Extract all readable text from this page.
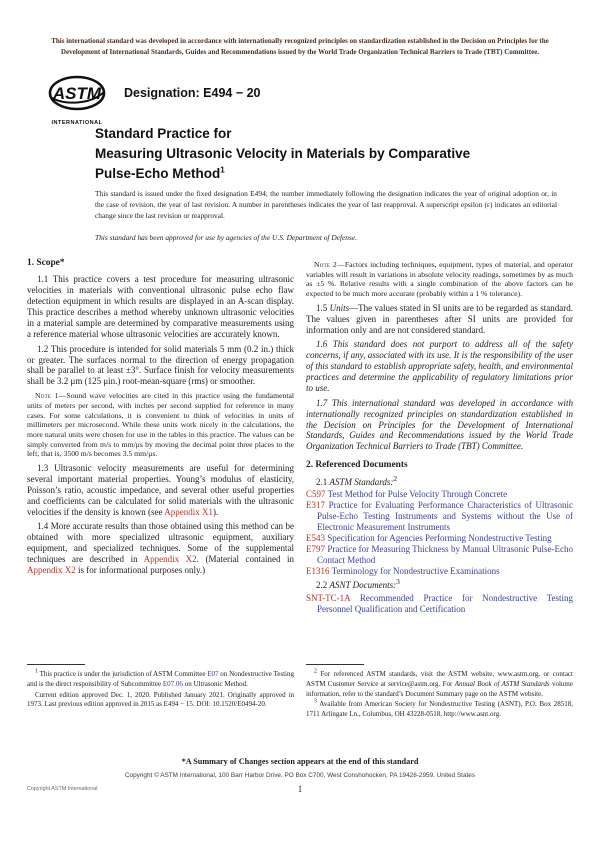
This international standard was developed in accordance with internationally recognized principles on standardization established in the Decision on Principles for the Development of International Standards, Guides and Recommendations issued by the World Trade Organization Technical Barriers to Trade (TBT) Committee.
ASTM
INTERNATIONAL
Designation: E494 − 20
Standard Practice for
Measuring Ultrasonic Velocity in Materials by Comparative
Pulse-Echo Method$^1$
This standard is issued under the fixed designation E494; the number immediately following the designation indicates the year of original adoption or, in the case of revision, the year of last revision. A number in parentheses indicates the year of last reapproval. A superscript epsilon (ε) indicates an editorial change since the last revision or reapproval.
This standard has been approved for use by agencies of the U.S. Department of Defense.
1. Scope*

1.1 This practice covers a test procedure for measuring ultrasonic velocities in materials with conventional ultrasonic pulse echo flaw detection equipment in which results are displayed in an A-scan display. This practice describes a method whereby unknown ultrasonic velocities in a material sample are determined by comparative measurements using a reference material whose ultrasonic velocities are accurately known.

1.2 This procedure is intended for solid materials 5 mm (0.2 in.) thick or greater. The surfaces normal to the direction of energy propagation shall be parallel to at least ±3°. Surface finish for velocity measurements shall be 3.2 μm (125 μin.) root-mean-square (rms) or smoother.

Note 1—Sound wave velocities are cited in this practice using the fundamental units of meters per second, with inches per second supplied for reference in many cases. For some calculations, it is convenient to think of velocities in units of millimeters per microsecond. While these units work nicely in the calculations, the more natural units were chosen for use in the tables in this practice. The values can be simply converted from m/s to mm/μs by moving the decimal point three places to the left, that is, 3500 m/s becomes 3.5 mm/μs.

1.3 Ultrasonic velocity measurements are useful for determining several important material properties. Young’s modulus of elasticity, Poisson’s ratio, acoustic impedance, and several other useful properties and coefficients can be calculated for solid materials with the ultrasonic velocities if the density is known (see Appendix X1).

1.4 More accurate results than those obtained using this method can be obtained with more specialized ultrasonic equipment, auxiliary equipment, and specialized techniques. Some of the supplemental techniques are described in Appendix X2. (Material contained in Appendix X2 is for informational purposes only.)

Note 2—Factors including techniques, equipment, types of material, and operator variables will result in variations in absolute velocity readings, sometimes by as much as ±5 %. Relative results with a single combination of the above factors can be expected to be much more accurate (probably within a 1 % tolerance).

1.5 Units—The values stated in SI units are to be regarded as standard. The values given in parentheses after SI units are provided for information only and are not considered standard.

1.6 This standard does not purport to address all of the safety concerns, if any, associated with its use. It is the responsibility of the user of this standard to establish appropriate safety, health, and environmental practices and determine the applicability of regulatory limitations prior to use.

1.7 This international standard was developed in accordance with internationally recognized principles on standardization established in the Decision on Principles for the Development of International Standards, Guides and Recommendations issued by the World Trade Organization Technical Barriers to Trade (TBT) Committee.

2. Referenced Documents

2.1 ASTM Standards:$^2$

C597 Test Method for Pulse Velocity Through Concrete

E317 Practice for Evaluating Performance Characteristics of Ultrasonic Pulse-Echo Testing Instruments and Systems without the Use of Electronic Measurement Instruments

E543 Specification for Agencies Performing Nondestructive Testing

E797 Practice for Measuring Thickness by Manual Ultrasonic Pulse-Echo Contact Method

E1316 Terminology for Nondestructive Examinations

2.2 ASNT Documents:$^3$

SNT-TC-1A Recommended Practice for Nondestructive Testing Personnel Qualification and Certification

$^1$ This practice is under the jurisdiction of ASTM Committee E07 on Nondestructive Testing and is the direct responsibility of Subcommittee E07.06 on Ultrasonic Method.

Current edition approved Dec. 1, 2020. Published January 2021. Originally approved in 1973. Last previous edition approved in 2015 as E494 − 15. DOI: 10.1520/E0494-20.

$^2$ For referenced ASTM standards, visit the ASTM website, www.astm.org, or contact ASTM Customer Service at service@astm.org. For Annual Book of ASTM Standards volume information, refer to the standard’s Document Summary page on the ASTM website.

$^3$ Available from American Society for Nondestructive Testing (ASNT), P.O. Box 28518, 1711 Arlingate Ln., Columbus, OH 43228-0518, http://www.asnt.org.

*A Summary of Changes section appears at the end of this standard
Copyright © ASTM International, 100 Barr Harbor Drive, PO Box C700, West Conshohocken, PA 19428-2959. United States
Copyright ASTM International	1
